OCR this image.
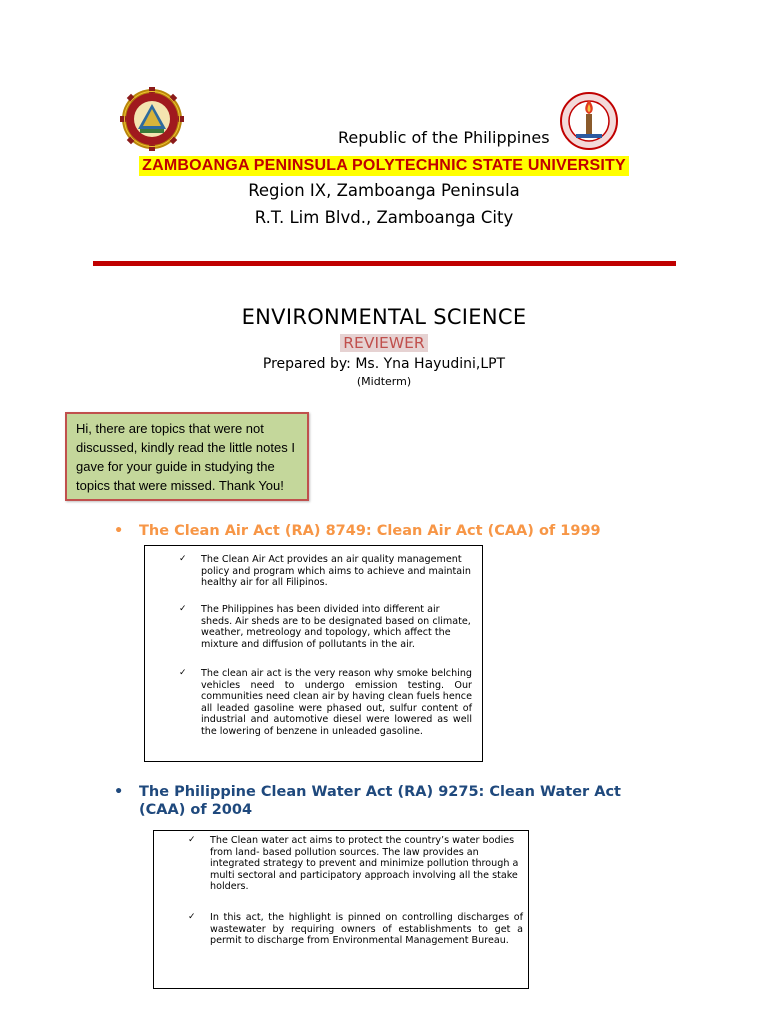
Republic of the Philippines
ZAMBOANGA PENINSULA POLYTECHNIC STATE UNIVERSITY
Region IX, Zamboanga Peninsula
R.T. Lim Blvd., Zamboanga City
ENVIRONMENTAL SCIENCE
REVIEWER
Prepared by: Ms. Yna Hayudini,LPT
(Midterm)
Hi, there are topics that were not discussed, kindly read the little notes I gave for your guide in studying the topics that were missed. Thank You!
• The Clean Air Act (RA) 8749: Clean Air Act (CAA) of 1999
✓ The Clean Air Act provides an air quality management policy and program which aims to achieve and maintain healthy air for all Filipinos.
✓ The Philippines has been divided into different air sheds. Air sheds are to be designated based on climate, weather, metreology and topology, which affect the mixture and diffusion of pollutants in the air.
✓ The clean air act is the very reason why smoke belching vehicles need to undergo emission testing. Our communities need clean air by having clean fuels hence all leaded gasoline were phased out, sulfur content of industrial and automotive diesel were lowered as well the lowering of benzene in unleaded gasoline.
• The Philippine Clean Water Act (RA) 9275: Clean Water Act (CAA) of 2004
✓ The Clean water act aims to protect the country’s water bodies from land- based pollution sources. The law provides an integrated strategy to prevent and minimize pollution through a multi sectoral and participatory approach involving all the stake holders.
✓ In this act, the highlight is pinned on controlling discharges of wastewater by requiring owners of establishments to get a permit to discharge from Environmental Management Bureau.
